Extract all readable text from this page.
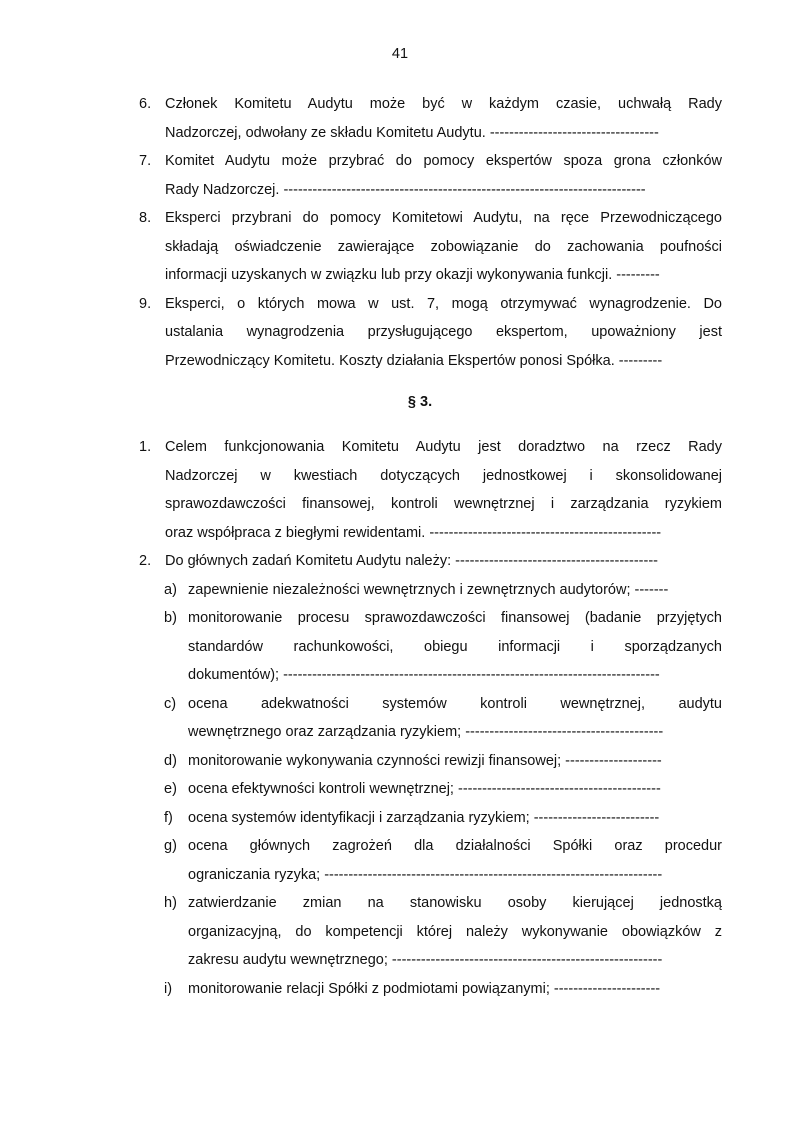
41
6. Członek Komitetu Audytu może być w każdym czasie, uchwałą Rady
Nadzorczej, odwołany ze składu Komitetu Audytu. -----------------------------------
7. Komitet Audytu może przybrać do pomocy ekspertów spoza grona członków
Rady Nadzorczej. ---------------------------------------------------------------------------
8. Eksperci przybrani do pomocy Komitetowi Audytu, na ręce Przewodniczącego
składają oświadczenie zawierające zobowiązanie do zachowania poufności
informacji uzyskanych w związku lub przy okazji wykonywania funkcji. ---------
9. Eksperci, o których mowa w ust. 7, mogą otrzymywać wynagrodzenie. Do
ustalania wynagrodzenia przysługującego ekspertom, upoważniony jest
Przewodniczący Komitetu. Koszty działania Ekspertów ponosi Spółka. ---------
§ 3.
1. Celem funkcjonowania Komitetu Audytu jest doradztwo na rzecz Rady
Nadzorczej w kwestiach dotyczących jednostkowej i skonsolidowanej
sprawozdawczości finansowej, kontroli wewnętrznej i zarządzania ryzykiem
oraz współpraca z biegłymi rewidentami. ------------------------------------------------
2. Do głównych zadań Komitetu Audytu należy: ------------------------------------------
a) zapewnienie niezależności wewnętrznych i zewnętrznych audytorów; -------
b) monitorowanie procesu sprawozdawczości finansowej (badanie przyjętych
standardów rachunkowości, obiegu informacji i sporządzanych
dokumentów); ------------------------------------------------------------------------------
c) ocena adekwatności systemów kontroli wewnętrznej, audytu
wewnętrznego oraz zarządzania ryzykiem; -----------------------------------------
d) monitorowanie wykonywania czynności rewizji finansowej; --------------------
e) ocena efektywności kontroli wewnętrznej; ------------------------------------------
f) ocena systemów identyfikacji i zarządzania ryzykiem; --------------------------
g) ocena głównych zagrożeń dla działalności Spółki oraz procedur
ograniczania ryzyka; ----------------------------------------------------------------------
h) zatwierdzanie zmian na stanowisku osoby kierującej jednostką
organizacyjną, do kompetencji której należy wykonywanie obowiązków z
zakresu audytu wewnętrznego; --------------------------------------------------------
i) monitorowanie relacji Spółki z podmiotami powiązanymi; ----------------------
